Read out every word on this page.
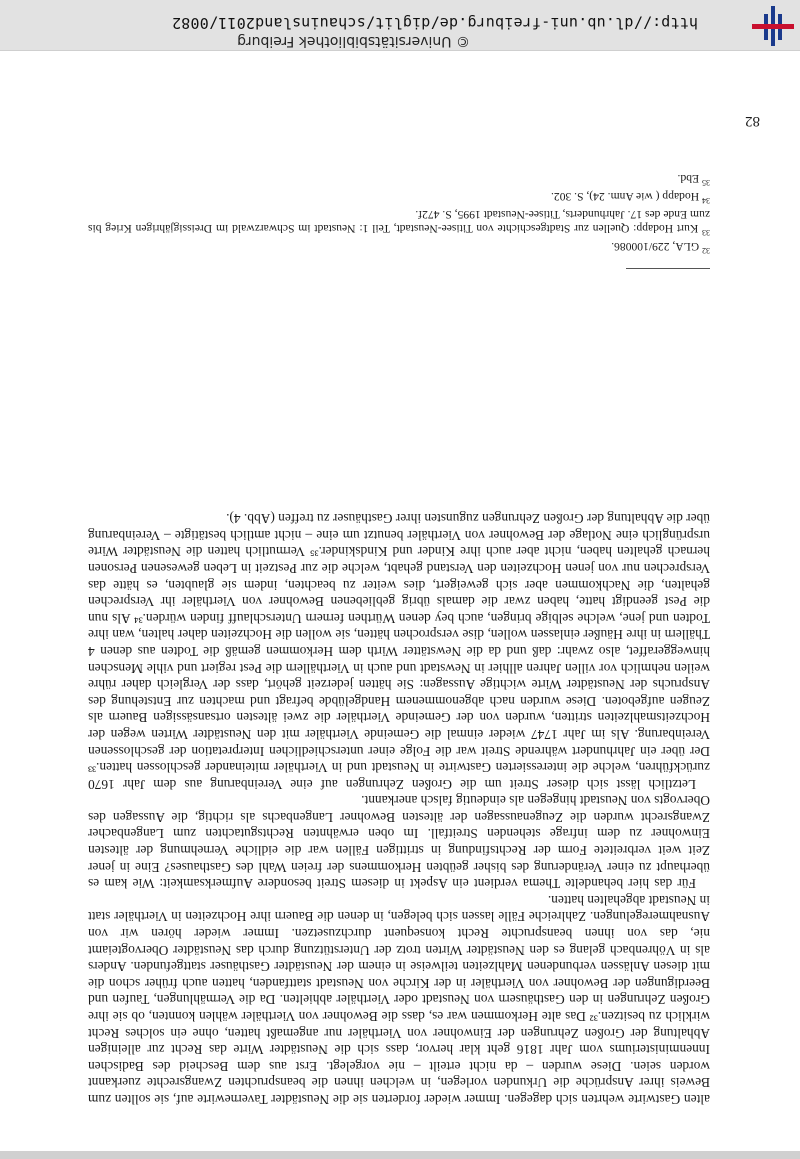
82

alten Gastwirte wehrten sich dagegen. Immer wieder forderten sie die Neustädter Tavernewirte auf, sie sollten zum Beweis ihrer Ansprüche die Urkunden vorlegen, in welchen ihnen die beanspruchten Zwangsrechte zuerkannt worden seien. Diese wurden – da nicht erteilt – nie vorgelegt. Erst aus dem Bescheid des Badischen Innenministeriums vom Jahr 1816 geht klar hervor, dass sich die Neustädter Wirte das Recht zur alleinigen Abhaltung der Großen Zehrungen der Einwohner von Vierthäler nur angemaßt hatten, ohne ein solches Recht wirklich zu besitzen.³² Das alte Herkommen war es, dass die Bewohner von Vierthäler wählen konnten, ob sie ihre Großen Zehrungen in den Gasthäusern von Neustadt oder Vierthäler abhielten. Da die Vermählungen, Taufen und Beerdigungen der Bewohner von Vierthäler in der Kirche von Neustadt stattfanden, hatten auch früher schon die mit diesen Anlässen verbundenen Mahlzeiten teilweise in einem der Neustädter Gasthäuser stattgefunden. Anders als in Vöhrenbach gelang es den Neustädter Wirten trotz der Unterstützung durch das Neustädter Obervogteiamt nie, das von ihnen beanspruchte Recht konsequent durchzusetzen. Immer wieder hören wir von Ausnahmeregelungen. Zahlreiche Fälle lassen sich belegen, in denen die Bauern ihre Hochzeiten in Vierthäler statt in Neustadt abgehalten hatten.

Für das hier behandelte Thema verdient ein Aspekt in diesem Streit besondere Aufmerksamkeit: Wie kam es überhaupt zu einer Veränderung des bisher geübten Herkommens der freien Wahl des Gasthauses? Eine in jener Zeit weit verbreitete Form der Rechtsfindung in strittigen Fällen war die eidliche Vernehmung der ältesten Einwohner zu dem infrage stehenden Streitfall. Im oben erwähnten Rechtsgutachten zum Langenbacher Zwangsrecht wurden die Zeugenaussagen der ältesten Bewohner Langenbachs als richtig, die Aussagen des Obervogts von Neustadt hingegen als eindeutig falsch anerkannt.

Letztlich lässt sich dieser Streit um die Großen Zehrungen auf eine Vereinbarung aus dem Jahr 1670 zurückführen, welche die interessierten Gastwirte in Neustadt und in Vierthäler miteinander geschlossen hatten.³³ Der über ein Jahrhundert währende Streit war die Folge einer unterschiedlichen Interpretation der geschlossenen Vereinbarung. Als im Jahr 1747 wieder einmal die Gemeinde Vierthäler mit den Neustädter Wirten wegen der Hochzeitsmahlzeiten stritten, wurden von der Gemeinde Vierthäler die zwei ältesten ortsansässigen Bauern als Zeugen aufgeboten. Diese wurden nach abgenommenem Handgelübde befragt und machten zur Entstehung des Anspruchs der Neustädter Wirte wichtige Aussagen: Sie hätten jederzeit gehört, dass der Vergleich daher rühre weilen nehmlich vor villen Jahren allhier in Newstadt und auch in Vierthällern die Pest regiert und vihle Menschen hinweggeraffet, also zwahr: daß und da die Newstätter Wirth dem Herkommen gemäß die Todten aus denen 4 Thällern in ihre Häußer einlassen wollen, dise versprochen hätten, sie wollen die Hochzeiten daher halten, wan ihre Todten und jene, welche selbige bringen, auch bey denen Würthen fernern Unterschlauff finden würden.³⁴ Als nun die Pest geendigt hatte, haben zwar die damals übrig gebliebenen Bewohner von Vierthäler ihr Versprechen gehalten, die Nachkommen aber sich geweigert, dies weiter zu beachten, indem sie glaubten, es hätte das Versprechen nur von jenen Hochzeiten den Verstand gehabt, welche die zur Pestzeit in Leben gewesenen Personen hernach gehalten haben, nicht aber auch ihre Kinder und Kindskinder.³⁵ Vermutlich hatten die Neustädter Wirte ursprünglich eine Notlage der Bewohner von Vierthäler benutzt um eine – nicht amtlich bestätigte – Vereinbarung über die Abhaltung der Großen Zehrungen zugunsten ihrer Gasthäuser zu treffen (Abb. 4).

$^{32}$ GLA, 229/100086.

$^{33}$ Kurt Hodapp: Quellen zur Stadtgeschichte von Titisee-Neustadt, Teil 1: Neustadt im Schwarzwald im Dreissigjährigen Krieg bis zum Ende des 17. Jahrhunderts, Titisee-Neustadt 1995, S. 472f.

$^{34}$ Hodapp ( wie Anm. 24), S. 302.

$^{35}$ Ebd.

© Universitätsbibliothek Freiburg
http://dl.ub.uni-freiburg.de/diglit/schauinsland2011/0082
